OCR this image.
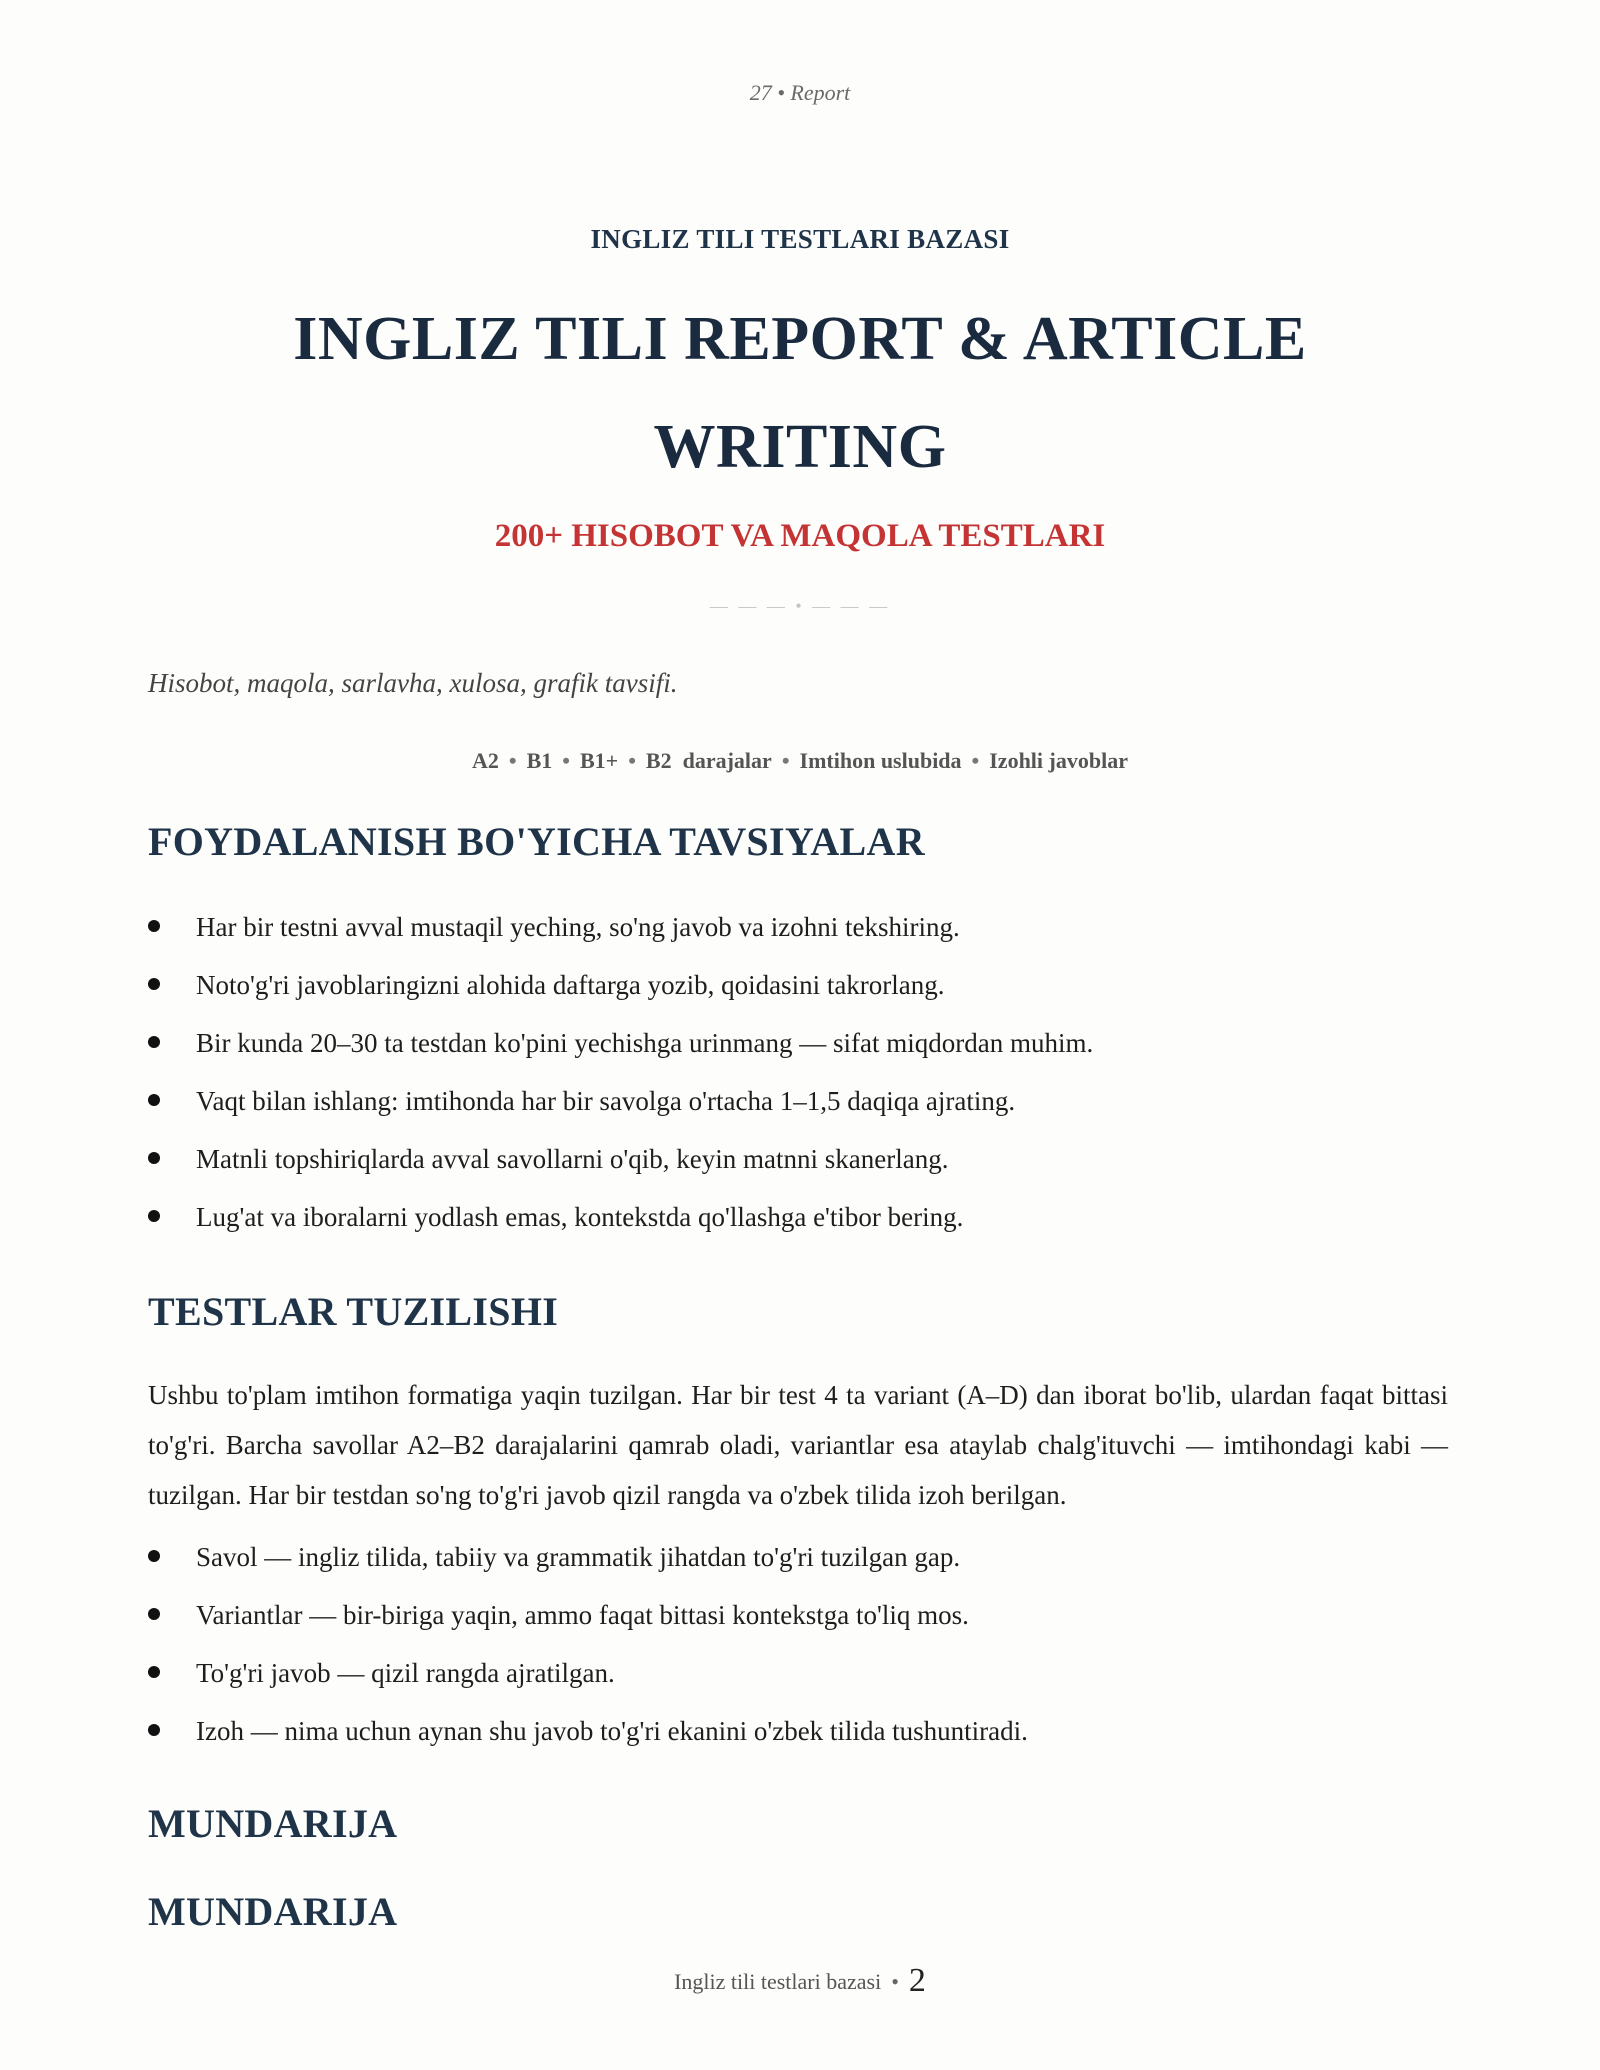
27 • Report
INGLIZ TILI TESTLARI BAZASI
INGLIZ TILI REPORT & ARTICLE
WRITING
200+ HISOBOT VA MAQOLA TESTLARI
— — — • — — —

Hisobot, maqola, sarlavha, xulosa, grafik tavsifi.

A2 • B1 • B1+ • B2  darajalar • Imtihon uslubida • Izohli javoblar
FOYDALANISH BO'YICHA TAVSIYALAR
Har bir testni avval mustaqil yeching, so'ng javob va izohni tekshiring.
Noto'g'ri javoblaringizni alohida daftarga yozib, qoidasini takrorlang.
Bir kunda 20–30 ta testdan ko'pini yechishga urinmang — sifat miqdordan muhim.
Vaqt bilan ishlang: imtihonda har bir savolga o'rtacha 1–1,5 daqiqa ajrating.
Matnli topshiriqlarda avval savollarni o'qib, keyin matnni skanerlang.
Lug'at va iboralarni yodlash emas, kontekstda qo'llashga e'tibor bering.
TESTLAR TUZILISHI

Ushbu to'plam imtihon formatiga yaqin tuzilgan. Har bir test 4 ta variant (A–D) dan iborat bo'lib, ulardan faqat bittasi to'g'ri. Barcha savollar A2–B2 darajalarini qamrab oladi, variantlar esa ataylab chalg'ituvchi — imtihondagi kabi — tuzilgan. Har bir testdan so'ng to'g'ri javob qizil rangda va o'zbek tilida izoh berilgan.

Savol — ingliz tilida, tabiiy va grammatik jihatdan to'g'ri tuzilgan gap.
Variantlar — bir-biriga yaqin, ammo faqat bittasi kontekstga to'liq mos.
To'g'ri javob — qizil rangda ajratilgan.
Izoh — nima uchun aynan shu javob to'g'ri ekanini o'zbek tilida tushuntiradi.
MUNDARIJA
MUNDARIJA
Ingliz tili testlari bazasi • 2
